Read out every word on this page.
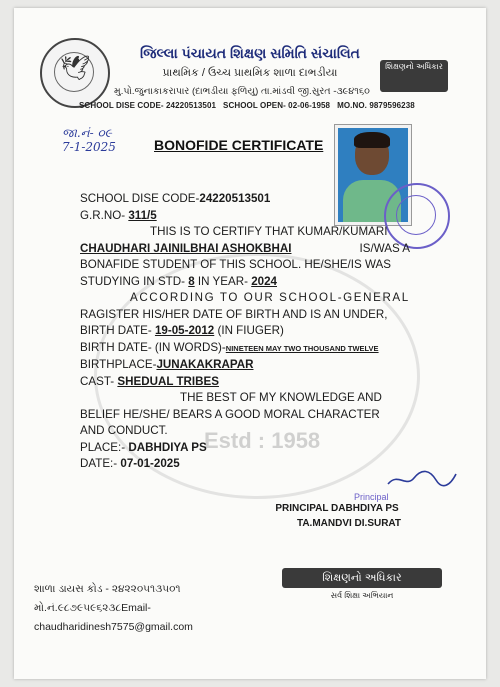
🕊
જિલ્લા પંચાયત શિક્ષણ સમિતિ સંચાલિત
પ્રાથમિક / ઉચ્ચ પ્રાથમિક શાળા દાભડીયા
મુ.પો.જુનાકાકરાપાર (દાભડીયા ફળિયુ) તા.માંડવી જી.સુરત -૩૯૪૧૬૦
SCHOOL DISE CODE- 24220513501 SCHOOL OPEN- 02-06-1958 MO.NO. 9879596238
શિક્ષણનો અધિકાર
જા.નં- ૦૯
7-1-2025	BONOFIDE CERTIFICATE
Estd : 1958

SCHOOL DISE CODE-24220513501

G.R.NO- 311/5

THIS IS TO CERTIFY THAT KUMAR/KUMARI

CHAUDHARI JAINILBHAI ASHOKBHAI	IS/WAS A

BONAFIDE STUDENT OF THIS SCHOOL. HE/SHE/IS WAS

STUDYING IN STD- 8 IN YEAR- 2024

ACCORDING TO OUR SCHOOL-GENERAL

RAGISTER HIS/HER DATE OF BIRTH AND IS AN UNDER,

BIRTH DATE- 19-05-2012 (IN FIUGER)

BIRTH DATE- (IN WORDS)-NINETEEN MAY TWO THOUSAND TWELVE

BIRTHPLACE-JUNAKAKRAPAR

CAST- SHEDUAL TRIBES

THE BEST OF MY KNOWLEDGE AND

BELIEF HE/SHE/ BEARS A GOOD MORAL CHARACTER

AND CONDUCT.

PLACE:- DABHDIYA PS

DATE:- 07-01-2025

Principal
PRINCIPAL DABHDIYA PS
TA.MANDVI DI.SURAT
શાળા ડાયસ કોડ - ૨૪૨૨૦૫૧૩૫૦૧
મો.નં.૯૮૭૯૫૯૬૨૩૮Email-
chaudharidinesh7575@gmail.com
શિક્ષણનો અધિકાર
સર્વ શિક્ષા અભિયાન
